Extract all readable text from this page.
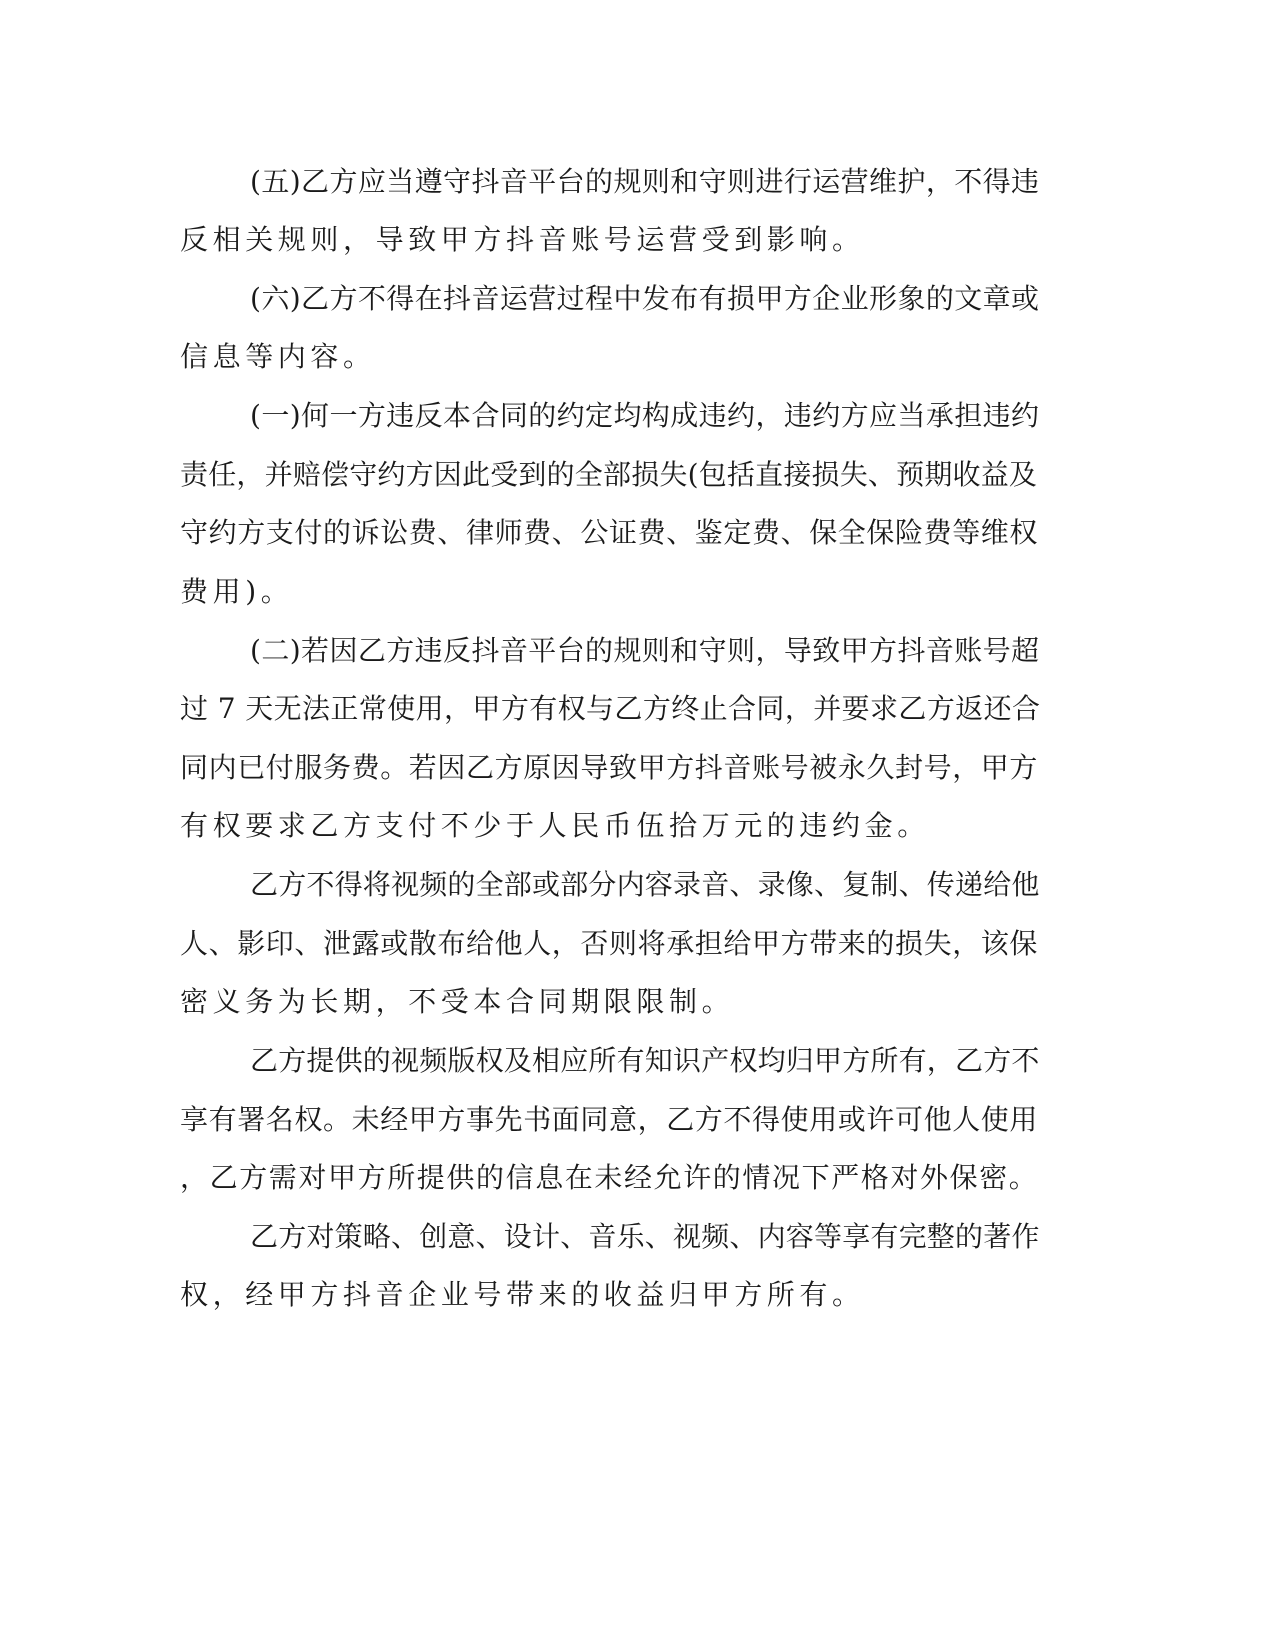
(五)乙方应当遵守抖音平台的规则和守则进行运营维护，不得违
反相关规则，导致甲方抖音账号运营受到影响。
(六)乙方不得在抖音运营过程中发布有损甲方企业形象的文章或
信息等内容。
(一)何一方违反本合同的约定均构成违约，违约方应当承担违约
责任，并赔偿守约方因此受到的全部损失(包括直接损失、预期收益及
守约方支付的诉讼费、律师费、公证费、鉴定费、保全保险费等维权
费用)。
(二)若因乙方违反抖音平台的规则和守则，导致甲方抖音账号超
过 7 天无法正常使用，甲方有权与乙方终止合同，并要求乙方返还合
同内已付服务费。若因乙方原因导致甲方抖音账号被永久封号，甲方
有权要求乙方支付不少于人民币伍拾万元的违约金。
乙方不得将视频的全部或部分内容录音、录像、复制、传递给他
人、影印、泄露或散布给他人，否则将承担给甲方带来的损失，该保
密义务为长期，不受本合同期限限制。
乙方提供的视频版权及相应所有知识产权均归甲方所有，乙方不
享有署名权。未经甲方事先书面同意，乙方不得使用或许可他人使用
，乙方需对甲方所提供的信息在未经允许的情况下严格对外保密。
乙方对策略、创意、设计、音乐、视频、内容等享有完整的著作
权，经甲方抖音企业号带来的收益归甲方所有。
